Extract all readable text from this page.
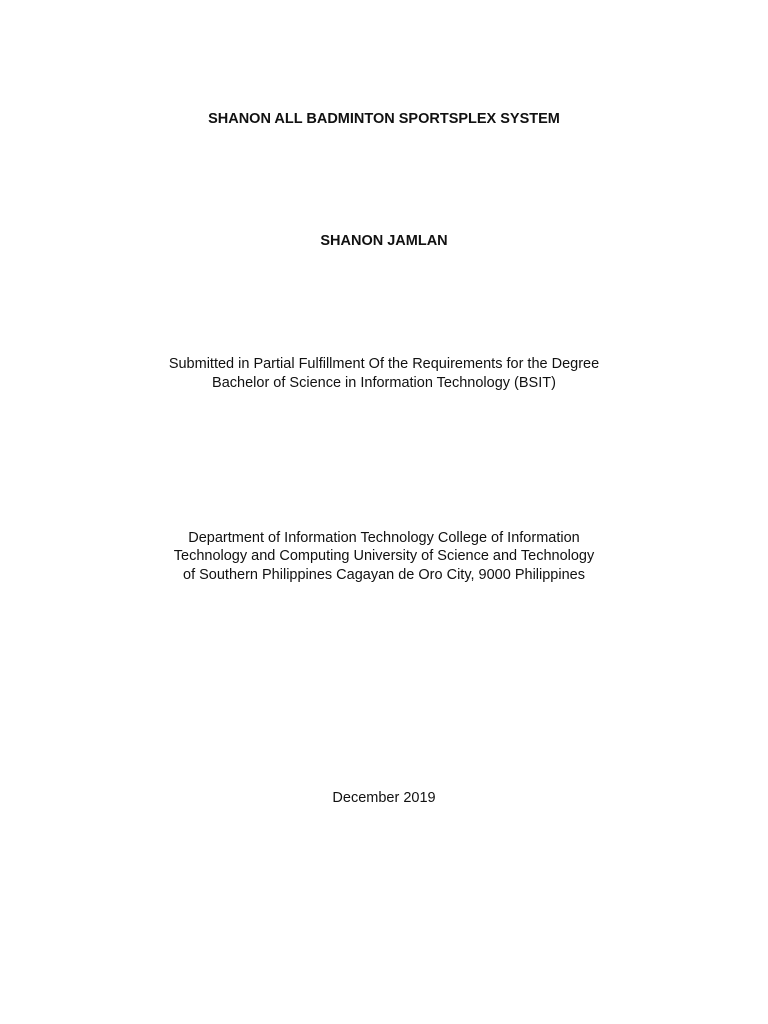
SHANON ALL BADMINTON SPORTSPLEX SYSTEM
SHANON JAMLAN
Submitted in Partial Fulfillment Of the Requirements for the Degree
Bachelor of Science in Information Technology (BSIT)
Department of Information Technology College of Information
Technology and Computing University of Science and Technology
of Southern Philippines Cagayan de Oro City, 9000 Philippines
December 2019
